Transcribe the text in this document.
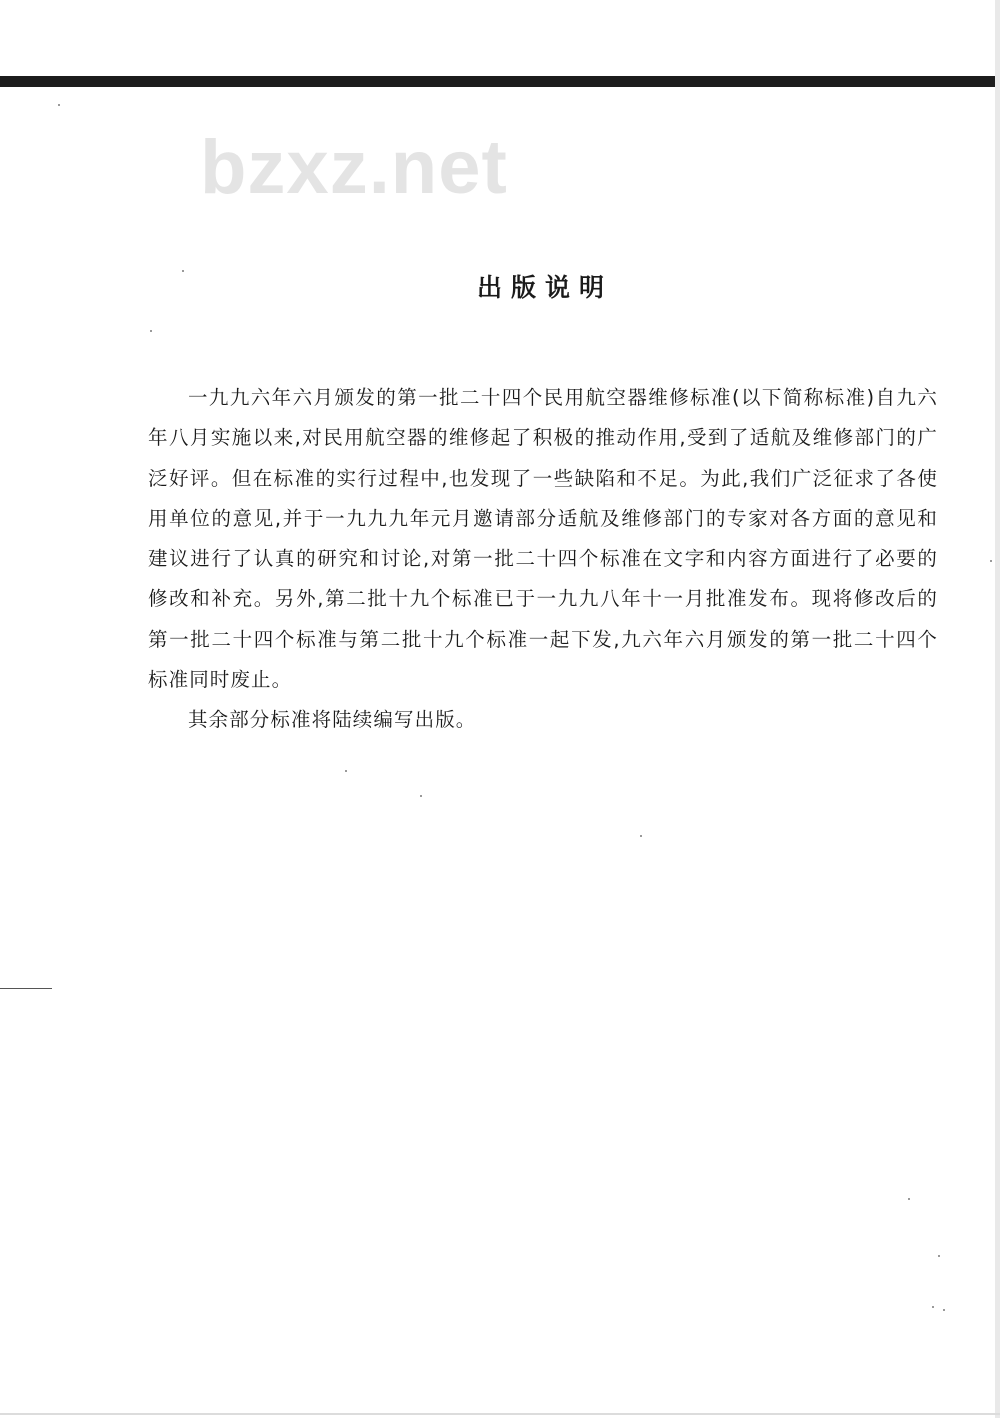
bzxz.net
出版说明

一九九六年六月颁发的第一批二十四个民用航空器维修标准(以下简称标准)自九六年八月实施以来,对民用航空器的维修起了积极的推动作用,受到了适航及维修部门的广泛好评。但在标准的实行过程中,也发现了一些缺陷和不足。为此,我们广泛征求了各使用单位的意见,并于一九九九年元月邀请部分适航及维修部门的专家对各方面的意见和建议进行了认真的研究和讨论,对第一批二十四个标准在文字和内容方面进行了必要的修改和补充。另外,第二批十九个标准已于一九九八年十一月批准发布。现将修改后的第一批二十四个标准与第二批十九个标准一起下发,九六年六月颁发的第一批二十四个标准同时废止。

其余部分标准将陆续编写出版。
